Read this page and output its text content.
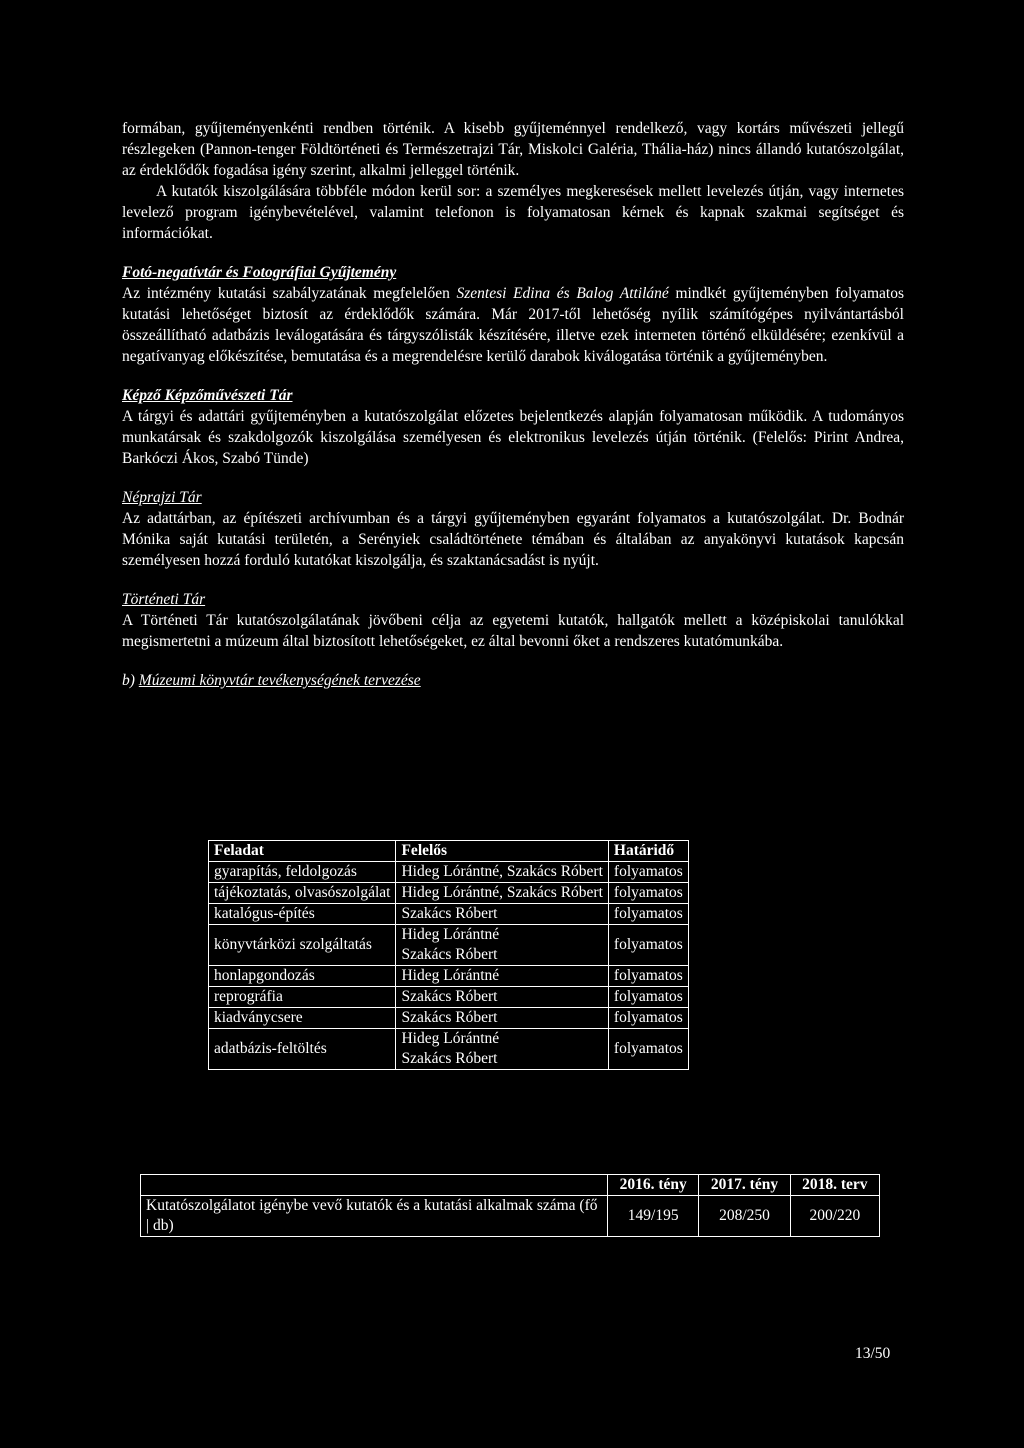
formában, gyűjteményenkénti rendben történik. A kisebb gyűjteménnyel rendelkező, vagy kortárs művészeti jellegű részlegeken (Pannon-tenger Földtörténeti és Természetrajzi Tár, Miskolci Galéria, Thália-ház) nincs állandó kutatószolgálat, az érdeklődők fogadása igény szerint, alkalmi jelleggel történik.

A kutatók kiszolgálására többféle módon kerül sor: a személyes megkeresések mellett levelezés útján, vagy internetes levelező program igénybevételével, valamint telefonon is folyamatosan kérnek és kapnak szakmai segítséget és információkat.

Fotó-negatívtár és Fotográfiai Gyűjtemény

Az intézmény kutatási szabályzatának megfelelően Szentesi Edina és Balog Attiláné mindkét gyűjteményben folyamatos kutatási lehetőséget biztosít az érdeklődők számára. Már 2017-től lehetőség nyílik számítógépes nyilvántartásból összeállítható adatbázis leválogatására és tárgyszólisták készítésére, illetve ezek interneten történő elküldésére; ezenkívül a negatívanyag előkészítése, bemutatása és a megrendelésre kerülő darabok kiválogatása történik a gyűjteményben.

Képző Képzőművészeti Tár

A tárgyi és adattári gyűjteményben a kutatószolgálat előzetes bejelentkezés alapján folyamatosan működik. A tudományos munkatársak és szakdolgozók kiszolgálása személyesen és elektronikus levelezés útján történik. (Felelős: Pirint Andrea, Barkóczi Ákos, Szabó Tünde)

Néprajzi Tár

Az adattárban, az építészeti archívumban és a tárgyi gyűjteményben egyaránt folyamatos a kutatószolgálat. Dr. Bodnár Mónika saját kutatási területén, a Serényiek családtörténete témában és általában az anyakönyvi kutatások kapcsán személyesen hozzá forduló kutatókat kiszolgálja, és szaktanácsadást is nyújt.

Történeti Tár

A Történeti Tár kutatószolgálatának jövőbeni célja az egyetemi kutatók, hallgatók mellett a középiskolai tanulókkal megismertetni a múzeum által biztosított lehetőségeket, ez által bevonni őket a rendszeres kutatómunkába.

b) Múzeumi könyvtár tevékenységének tervezése

Feladat	Felelős	Határidő
gyarapítás, feldolgozás	Hideg Lórántné, Szakács Róbert	folyamatos
tájékoztatás, olvasószolgálat	Hideg Lórántné, Szakács Róbert	folyamatos
katalógus-építés	Szakács Róbert	folyamatos
könyvtárközi szolgáltatás	Hideg Lórántné
Szakács Róbert	folyamatos
honlapgondozás	Hideg Lórántné	folyamatos
reprográfia	Szakács Róbert	folyamatos
kiadványcsere	Szakács Róbert	folyamatos
adatbázis-feltöltés	Hideg Lórántné
Szakács Róbert	folyamatos
	2016. tény	2017. tény	2018. terv
Kutatószolgálatot igénybe vevő kutatók és a kutatási alkalmak száma (fő | db)	149/195	208/250	200/220
13/50
